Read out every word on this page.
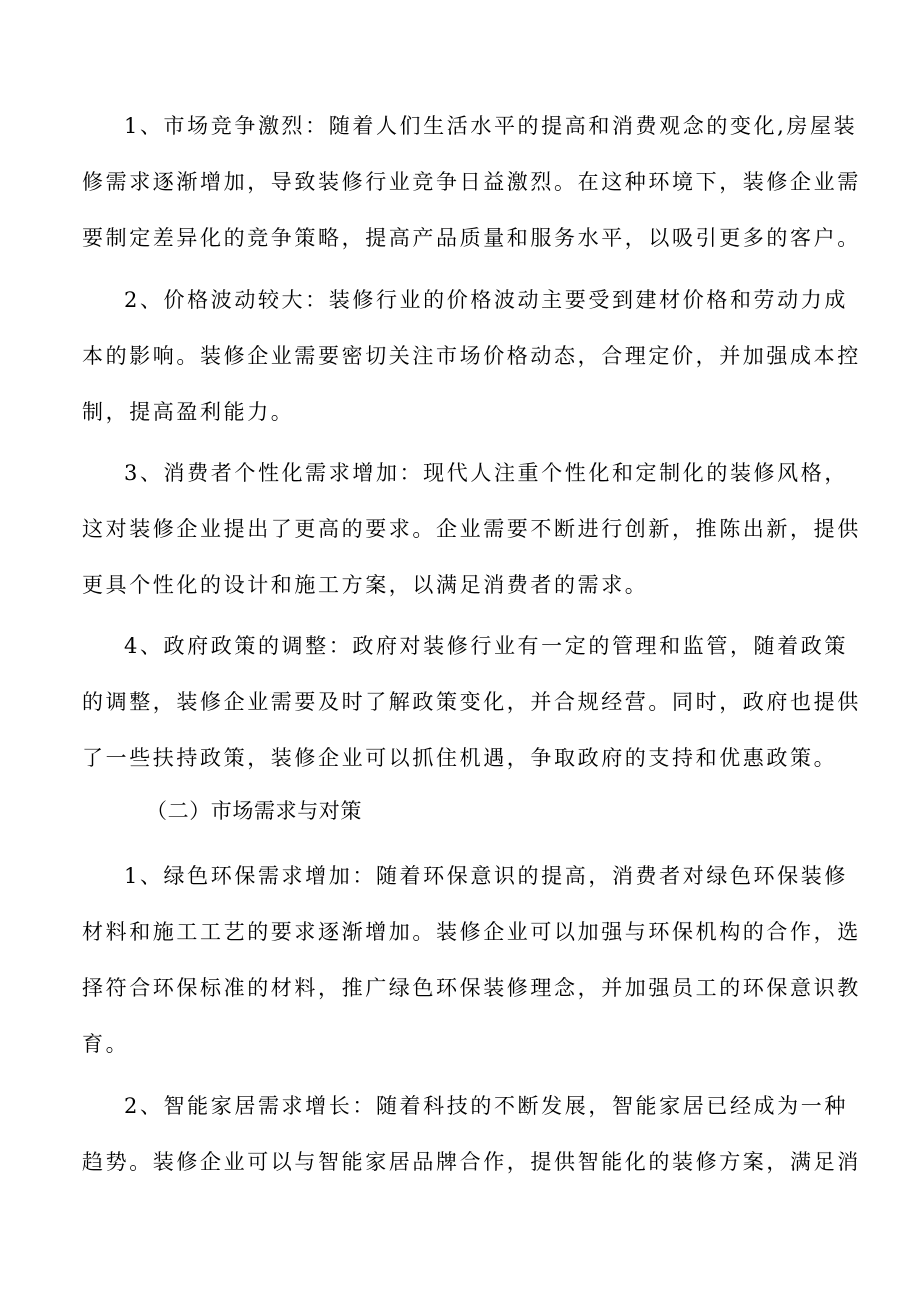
1、市场竞争激烈：随着人们生活水平的提高和消费观念的变化,房屋装
修需求逐渐增加，导致装修行业竞争日益激烈。在这种环境下，装修企业需
要制定差异化的竞争策略，提高产品质量和服务水平，以吸引更多的客户。
2、价格波动较大：装修行业的价格波动主要受到建材价格和劳动力成
本的影响。装修企业需要密切关注市场价格动态，合理定价，并加强成本控
制，提高盈利能力。
3、消费者个性化需求增加：现代人注重个性化和定制化的装修风格，
这对装修企业提出了更高的要求。企业需要不断进行创新，推陈出新，提供
更具个性化的设计和施工方案，以满足消费者的需求。
4、政府政策的调整：政府对装修行业有一定的管理和监管，随着政策
的调整，装修企业需要及时了解政策变化，并合规经营。同时，政府也提供
了一些扶持政策，装修企业可以抓住机遇，争取政府的支持和优惠政策。
（二）市场需求与对策
1、绿色环保需求增加：随着环保意识的提高，消费者对绿色环保装修
材料和施工工艺的要求逐渐增加。装修企业可以加强与环保机构的合作，选
择符合环保标准的材料，推广绿色环保装修理念，并加强员工的环保意识教
育。
2、智能家居需求增长：随着科技的不断发展，智能家居已经成为一种
趋势。装修企业可以与智能家居品牌合作，提供智能化的装修方案，满足消
